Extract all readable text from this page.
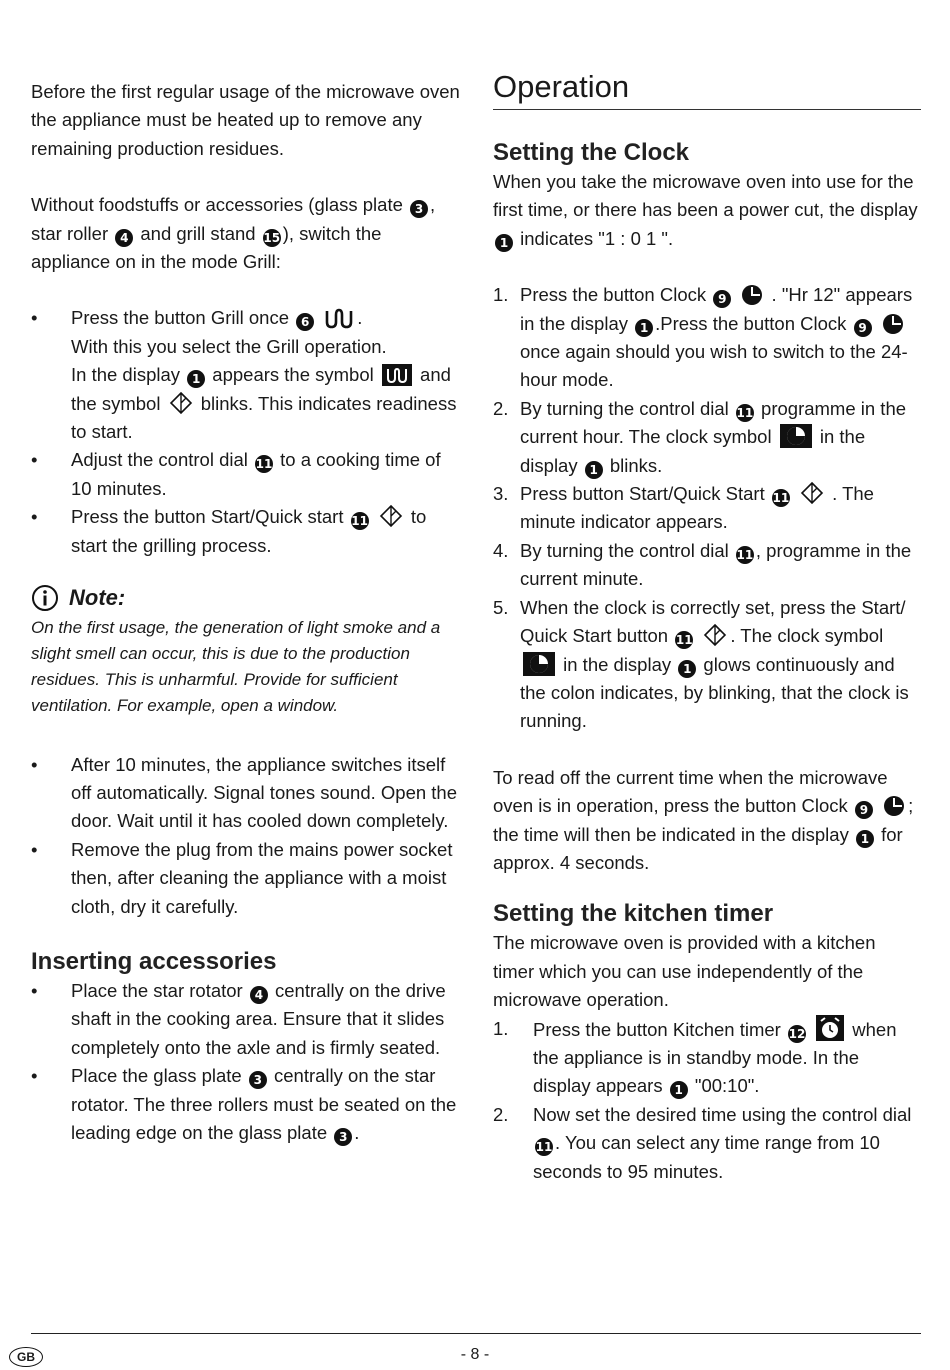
Before the first regular usage of the microwave oven the appliance must be heated up to remove any remaining production residues.

Without foodstuffs or accessories (glass plate 3 , star roller 4 and grill stand 15 ), switch the appliance on in the mode Grill:

• Press the button Grill once 6	.
With this you select the Grill operation.
In the display 1 appears the symbol	and the symbol blinks. This indicates readiness to start.
• Adjust the control dial 11 to a cooking time of 10 minutes.
• Press the button Start/Quick start 11 to start the grilling process.
Note:

On the first usage, the generation of light smoke and a slight smell can occur, this is due to the production residues. This is unharmful. Provide for sufficient ventilation. For example, open a window.

• After 10 minutes, the appliance switches itself off automatically. Signal tones sound. Open the door. Wait until it has cooled down completely.
• Remove the plug from the mains power socket then, after cleaning the appliance with a moist cloth, dry it carefully.
Inserting accessories
• Place the star rotator 4 centrally on the drive shaft in the cooking area. Ensure that it slides completely onto the axle and is firmly seated.
• Place the glass plate 3 centrally on the star rotator. The three rollers must be seated on the leading edge on the glass plate 3 .
Operation
Setting the Clock

When you take the microwave oven into use for the first time, or there has been a power cut, the display 1 indicates "1 : 0 1 ".

1. Press the button Clock 9 . "Hr 12" appears in the display 1 .Press the button Clock 9  once again should you wish to switch to the 24-hour mode.
2. By turning the control dial 11 programme in the current hour. The clock symbol	in the display 1 blinks.
3. Press button Start/Quick Start 11 . The minute indicator appears.
4. By turning the control dial 11 , programme in the current minute.
5. When the clock is correctly set, press the Start/ Quick Start button 11 . The clock symbol  in the display 1 glows continuously and the colon indicates, by blinking, that the clock is running.

To read off the current time when the microwave oven is in operation, press the button Clock 9 ; the time will then be indicated in the display 1 for approx. 4 seconds.

Setting the kitchen timer

The microwave oven is provided with a kitchen timer which you can use independently of the microwave operation.

1. Press the button Kitchen timer 12	when the appliance is in standby mode. In the display appears 1 "00:10".
2. Now set the desired time using the control dial 11 . You can select any time range from 10 seconds to 95 minutes.
GB	- 8 -
